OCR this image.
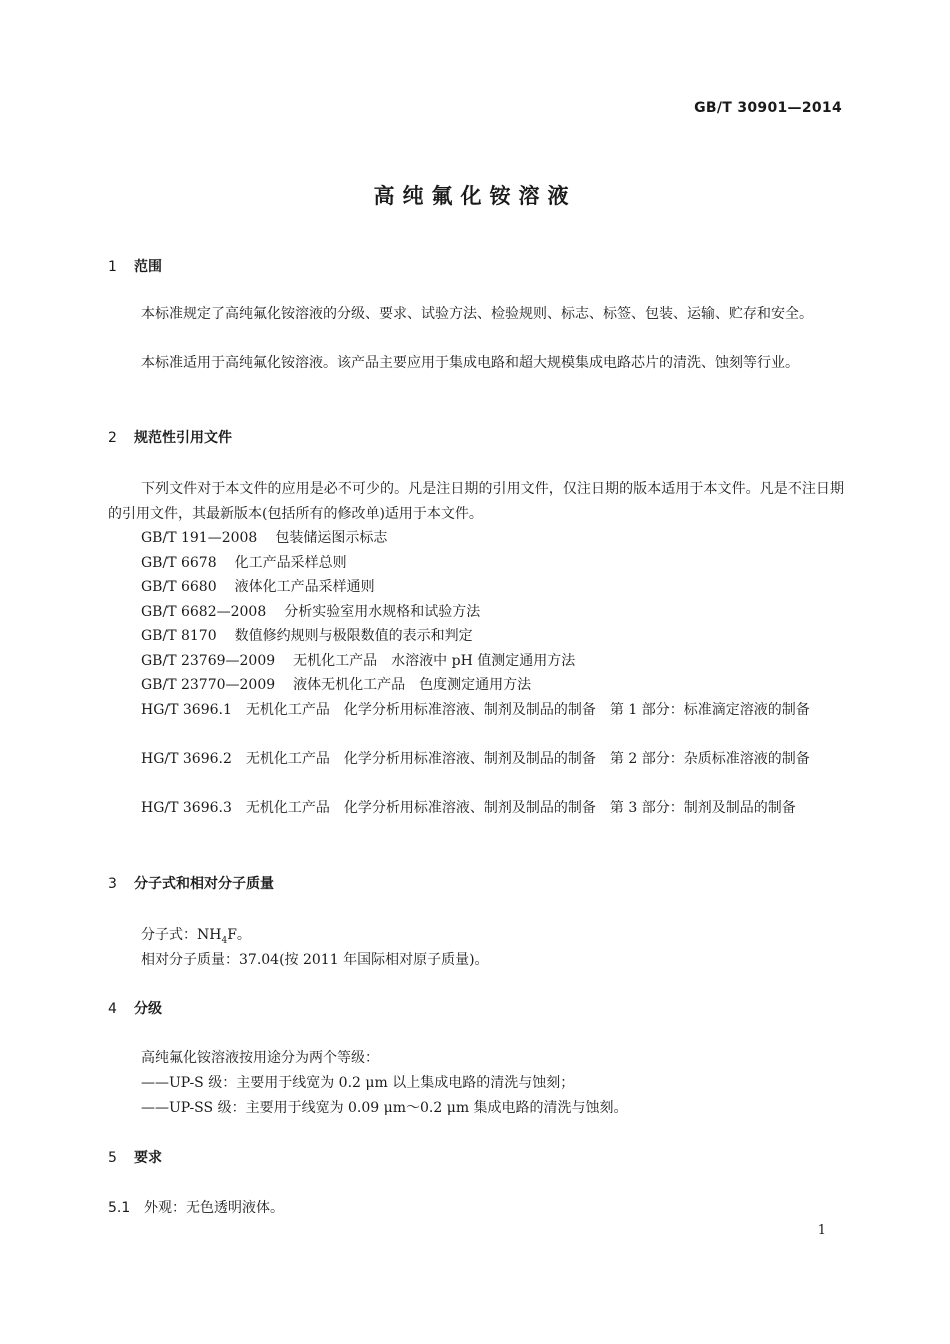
GB/T 30901—2014
高纯氟化铵溶液
1 范围

本标准规定了高纯氟化铵溶液的分级、要求、试验方法、检验规则、标志、标签、包装、运输、贮存和安全。

本标准适用于高纯氟化铵溶液。该产品主要应用于集成电路和超大规模集成电路芯片的清洗、蚀刻等行业。

2 规范性引用文件

下列文件对于本文件的应用是必不可少的。凡是注日期的引用文件，仅注日期的版本适用于本文件。凡是不注日期的引用文件，其最新版本(包括所有的修改单)适用于本文件。

GB/T 191—2008 包装储运图示标志
GB/T 6678 化工产品采样总则
GB/T 6680 液体化工产品采样通则
GB/T 6682—2008 分析实验室用水规格和试验方法
GB/T 8170 数值修约规则与极限数值的表示和判定
GB/T 23769—2009 无机化工产品　水溶液中 pH 值测定通用方法
GB/T 23770—2009 液体无机化工产品　色度测定通用方法

HG/T 3696.1　无机化工产品　化学分析用标准溶液、制剂及制品的制备　第 1 部分：标准滴定溶液的制备

HG/T 3696.2　无机化工产品　化学分析用标准溶液、制剂及制品的制备　第 2 部分：杂质标准溶液的制备

HG/T 3696.3　无机化工产品　化学分析用标准溶液、制剂及制品的制备　第 3 部分：制剂及制品的制备

3 分子式和相对分子质量
分子式：$NH_4F$。
相对分子质量：37.04(按 2011 年国际相对原子质量)。
4 分级
高纯氟化铵溶液按用途分为两个等级：
——UP-S 级：主要用于线宽为 0.2 μm 以上集成电路的清洗与蚀刻；
——UP-SS 级：主要用于线宽为 0.09 μm～0.2 μm 集成电路的清洗与蚀刻。
5 要求
5.1 外观：无色透明液体。
1
